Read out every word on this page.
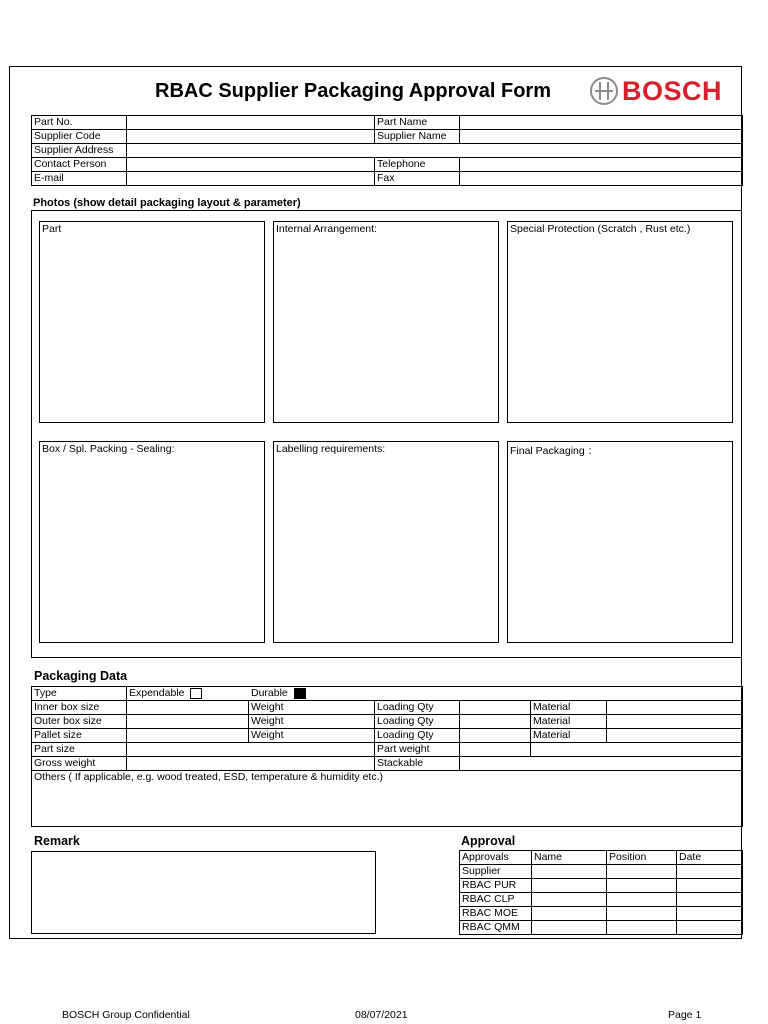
RBAC Supplier Packaging Approval Form	BOSCH
Part No.		Part Name	
Supplier Code		Supplier Name	
Supplier Address			
Contact Person		Telephone	
E-mail		Fax	
Photos (show detail packaging layout & parameter)
Part	Internal Arrangement:	Special Protection (Scratch , Rust etc.)
Box / Spl. Packing - Sealing:	Labelling requirements:	Final Packaging ：
Packaging Data
Type	Expendable Durable					
Inner box size		Weight	Loading Qty		Material	
Outer box size		Weight	Loading Qty		Material	
Pallet size		Weight	Loading Qty		Material	
Part size			Part weight			
Gross weight			Stackable			
Others ( If applicable, e.g. wood treated, ESD, temperature & humidity etc.)						
Remark	Approval
Approvals	Name	Position	Date
Supplier			
RBAC PUR			
RBAC CLP			
RBAC MOE			
RBAC QMM			
BOSCH Group Confidential	08/07/2021	Page 1
